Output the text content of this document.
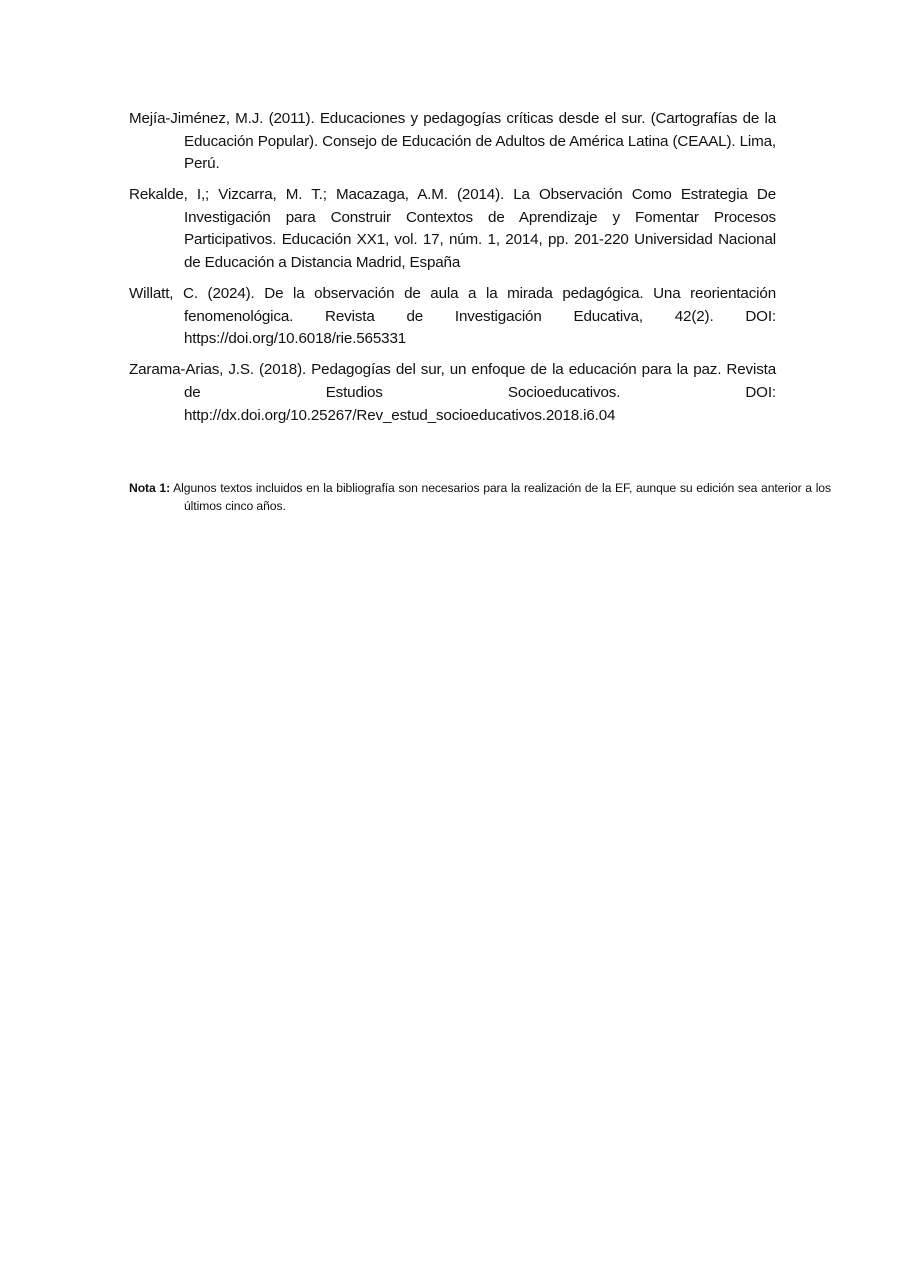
Mejía-Jiménez, M.J. (2011). Educaciones y pedagogías críticas desde el sur. (Cartografías de la Educación Popular). Consejo de Educación de Adultos de América Latina (CEAAL). Lima, Perú.

Rekalde, I,; Vizcarra, M. T.; Macazaga, A.M. (2014). La Observación Como Estrategia De Investigación para Construir Contextos de Aprendizaje y Fomentar Procesos Participativos. Educación XX1, vol. 17, núm. 1, 2014, pp. 201-220 Universidad Nacional de Educación a Distancia Madrid, España

Willatt, C. (2024). De la observación de aula a la mirada pedagógica. Una reorientación fenomenológica. Revista de Investigación Educativa, 42(2). DOI: https://doi.org/10.6018/rie.565331

Zarama-Arias, J.S. (2018). Pedagogías del sur, un enfoque de la educación para la paz. Revista de Estudios Socioeducativos. DOI: http://dx.doi.org/10.25267/Rev_estud_socioeducativos.2018.i6.04

Nota 1: Algunos textos incluidos en la bibliografía son necesarios para la realización de la EF, aunque su edición sea anterior a los últimos cinco años.
